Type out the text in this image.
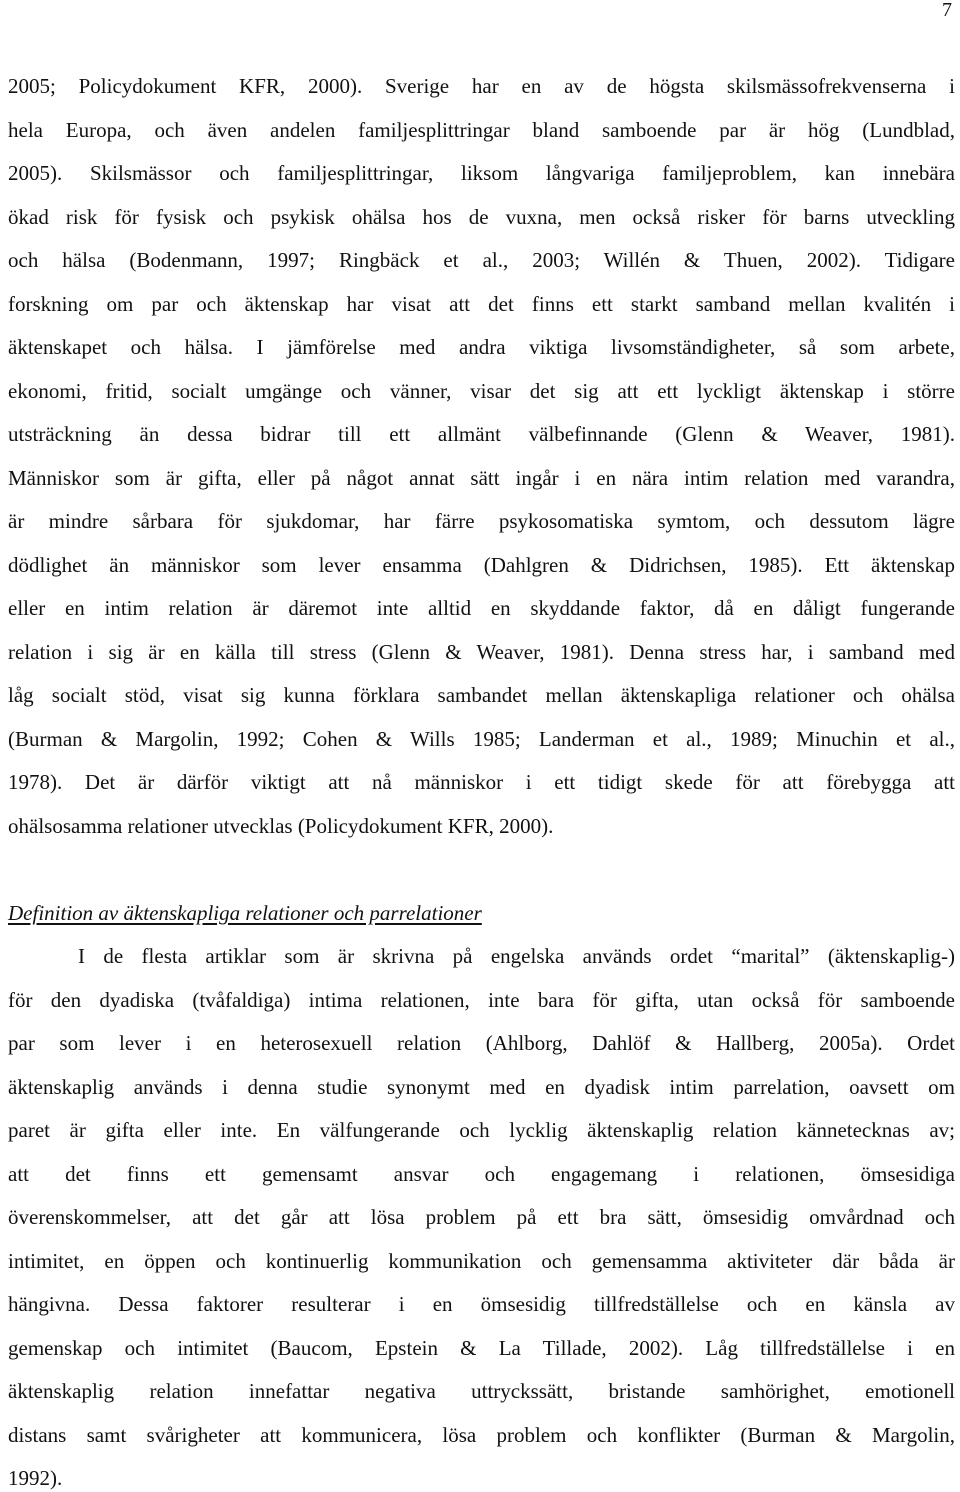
7
2005; Policydokument KFR, 2000). Sverige har en av de högsta skilsmässofrekvenserna i
hela Europa, och även andelen familjesplittringar bland samboende par är hög (Lundblad,
2005). Skilsmässor och familjesplittringar, liksom långvariga familjeproblem, kan innebära
ökad risk för fysisk och psykisk ohälsa hos de vuxna, men också risker för barns utveckling
och hälsa (Bodenmann, 1997; Ringbäck et al., 2003; Willén & Thuen, 2002). Tidigare
forskning om par och äktenskap har visat att det finns ett starkt samband mellan kvalitén i
äktenskapet och hälsa. I jämförelse med andra viktiga livsomständigheter, så som arbete,
ekonomi, fritid, socialt umgänge och vänner, visar det sig att ett lyckligt äktenskap i större
utsträckning än dessa bidrar till ett allmänt välbefinnande (Glenn & Weaver, 1981).
Människor som är gifta, eller på något annat sätt ingår i en nära intim relation med varandra,
är mindre sårbara för sjukdomar, har färre psykosomatiska symtom, och dessutom lägre
dödlighet än människor som lever ensamma (Dahlgren & Didrichsen, 1985). Ett äktenskap
eller en intim relation är däremot inte alltid en skyddande faktor, då en dåligt fungerande
relation i sig är en källa till stress (Glenn & Weaver, 1981). Denna stress har, i samband med
låg socialt stöd, visat sig kunna förklara sambandet mellan äktenskapliga relationer och ohälsa
(Burman & Margolin, 1992; Cohen & Wills 1985; Landerman et al., 1989; Minuchin et al.,
1978). Det är därför viktigt att nå människor i ett tidigt skede för att förebygga att
ohälsosamma relationer utvecklas (Policydokument KFR, 2000).
Definition av äktenskapliga relationer och parrelationer
I de flesta artiklar som är skrivna på engelska används ordet “marital” (äktenskaplig-)
för den dyadiska (tvåfaldiga) intima relationen, inte bara för gifta, utan också för samboende
par som lever i en heterosexuell relation (Ahlborg, Dahlöf & Hallberg, 2005a). Ordet
äktenskaplig används i denna studie synonymt med en dyadisk intim parrelation, oavsett om
paret är gifta eller inte. En välfungerande och lycklig äktenskaplig relation kännetecknas av;
att det finns ett gemensamt ansvar och engagemang i relationen, ömsesidiga
överenskommelser, att det går att lösa problem på ett bra sätt, ömsesidig omvårdnad och
intimitet, en öppen och kontinuerlig kommunikation och gemensamma aktiviteter där båda är
hängivna. Dessa faktorer resulterar i en ömsesidig tillfredställelse och en känsla av
gemenskap och intimitet (Baucom, Epstein & La Tillade, 2002). Låg tillfredställelse i en
äktenskaplig relation innefattar negativa uttryckssätt, bristande samhörighet, emotionell
distans samt svårigheter att kommunicera, lösa problem och konflikter (Burman & Margolin,
1992).
